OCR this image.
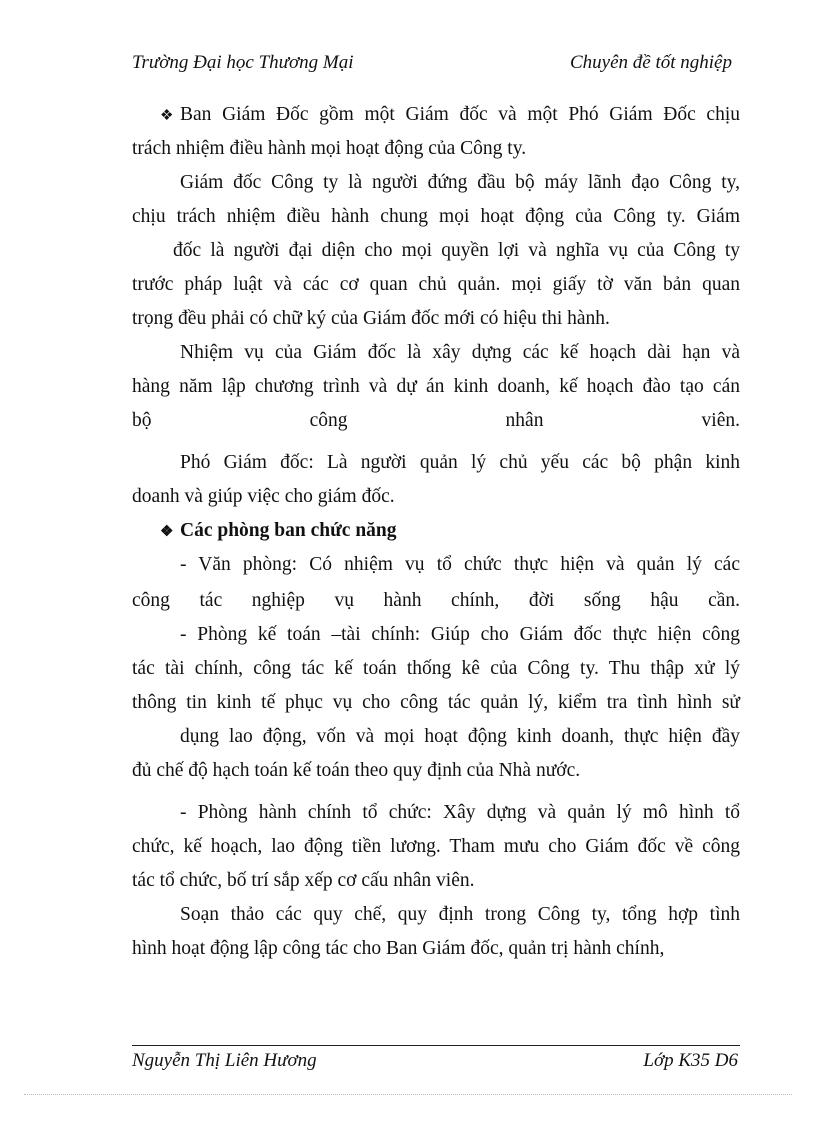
Trường Đại học Thương Mại	Chuyên đề tốt nghiệp
❖ Ban Giám Đốc gồm một Giám đốc và một Phó Giám Đốc chịu
trách nhiệm điều hành mọi hoạt động của Công ty.
Giám đốc Công ty là người đứng đầu bộ máy lãnh đạo Công ty,
chịu trách nhiệm điều hành chung mọi hoạt động của Công ty. Giám
đốc là người đại diện cho mọi quyền lợi và nghĩa vụ của Công ty
trước pháp luật và các cơ quan chủ quản. mọi giấy tờ văn bản quan
trọng đều phải có chữ ký của Giám đốc mới có hiệu thi hành.
Nhiệm vụ của Giám đốc là xây dựng các kế hoạch dài hạn và
hàng năm lập chương trình và dự án kinh doanh, kế hoạch đào tạo cán
bộ công nhân viên.
Phó Giám đốc: Là người quản lý chủ yếu các bộ phận kinh
doanh và giúp việc cho giám đốc.
❖ Các phòng ban chức năng
- Văn phòng: Có nhiệm vụ tổ chức thực hiện và quản lý các
công tác nghiệp vụ hành chính, đời sống hậu cần.
- Phòng kế toán –tài chính: Giúp cho Giám đốc thực hiện công
tác tài chính, công tác kế toán thống kê của Công ty. Thu thập xử lý
thông tin kinh tế phục vụ cho công tác quản lý, kiểm tra tình hình sử
dụng lao động, vốn và mọi hoạt động kinh doanh, thực hiện đầy
đủ chế độ hạch toán kế toán theo quy định của Nhà nước.
- Phòng hành chính tổ chức: Xây dựng và quản lý mô hình tổ
chức, kế hoạch, lao động tiền lương. Tham mưu cho Giám đốc về công
tác tổ chức, bố trí sắp xếp cơ cấu nhân viên.
Soạn thảo các quy chế, quy định trong Công ty, tổng hợp tình
hình hoạt động lập công tác cho Ban Giám đốc, quản trị hành chính,
Nguyễn Thị Liên Hương	Lớp K35 D6
